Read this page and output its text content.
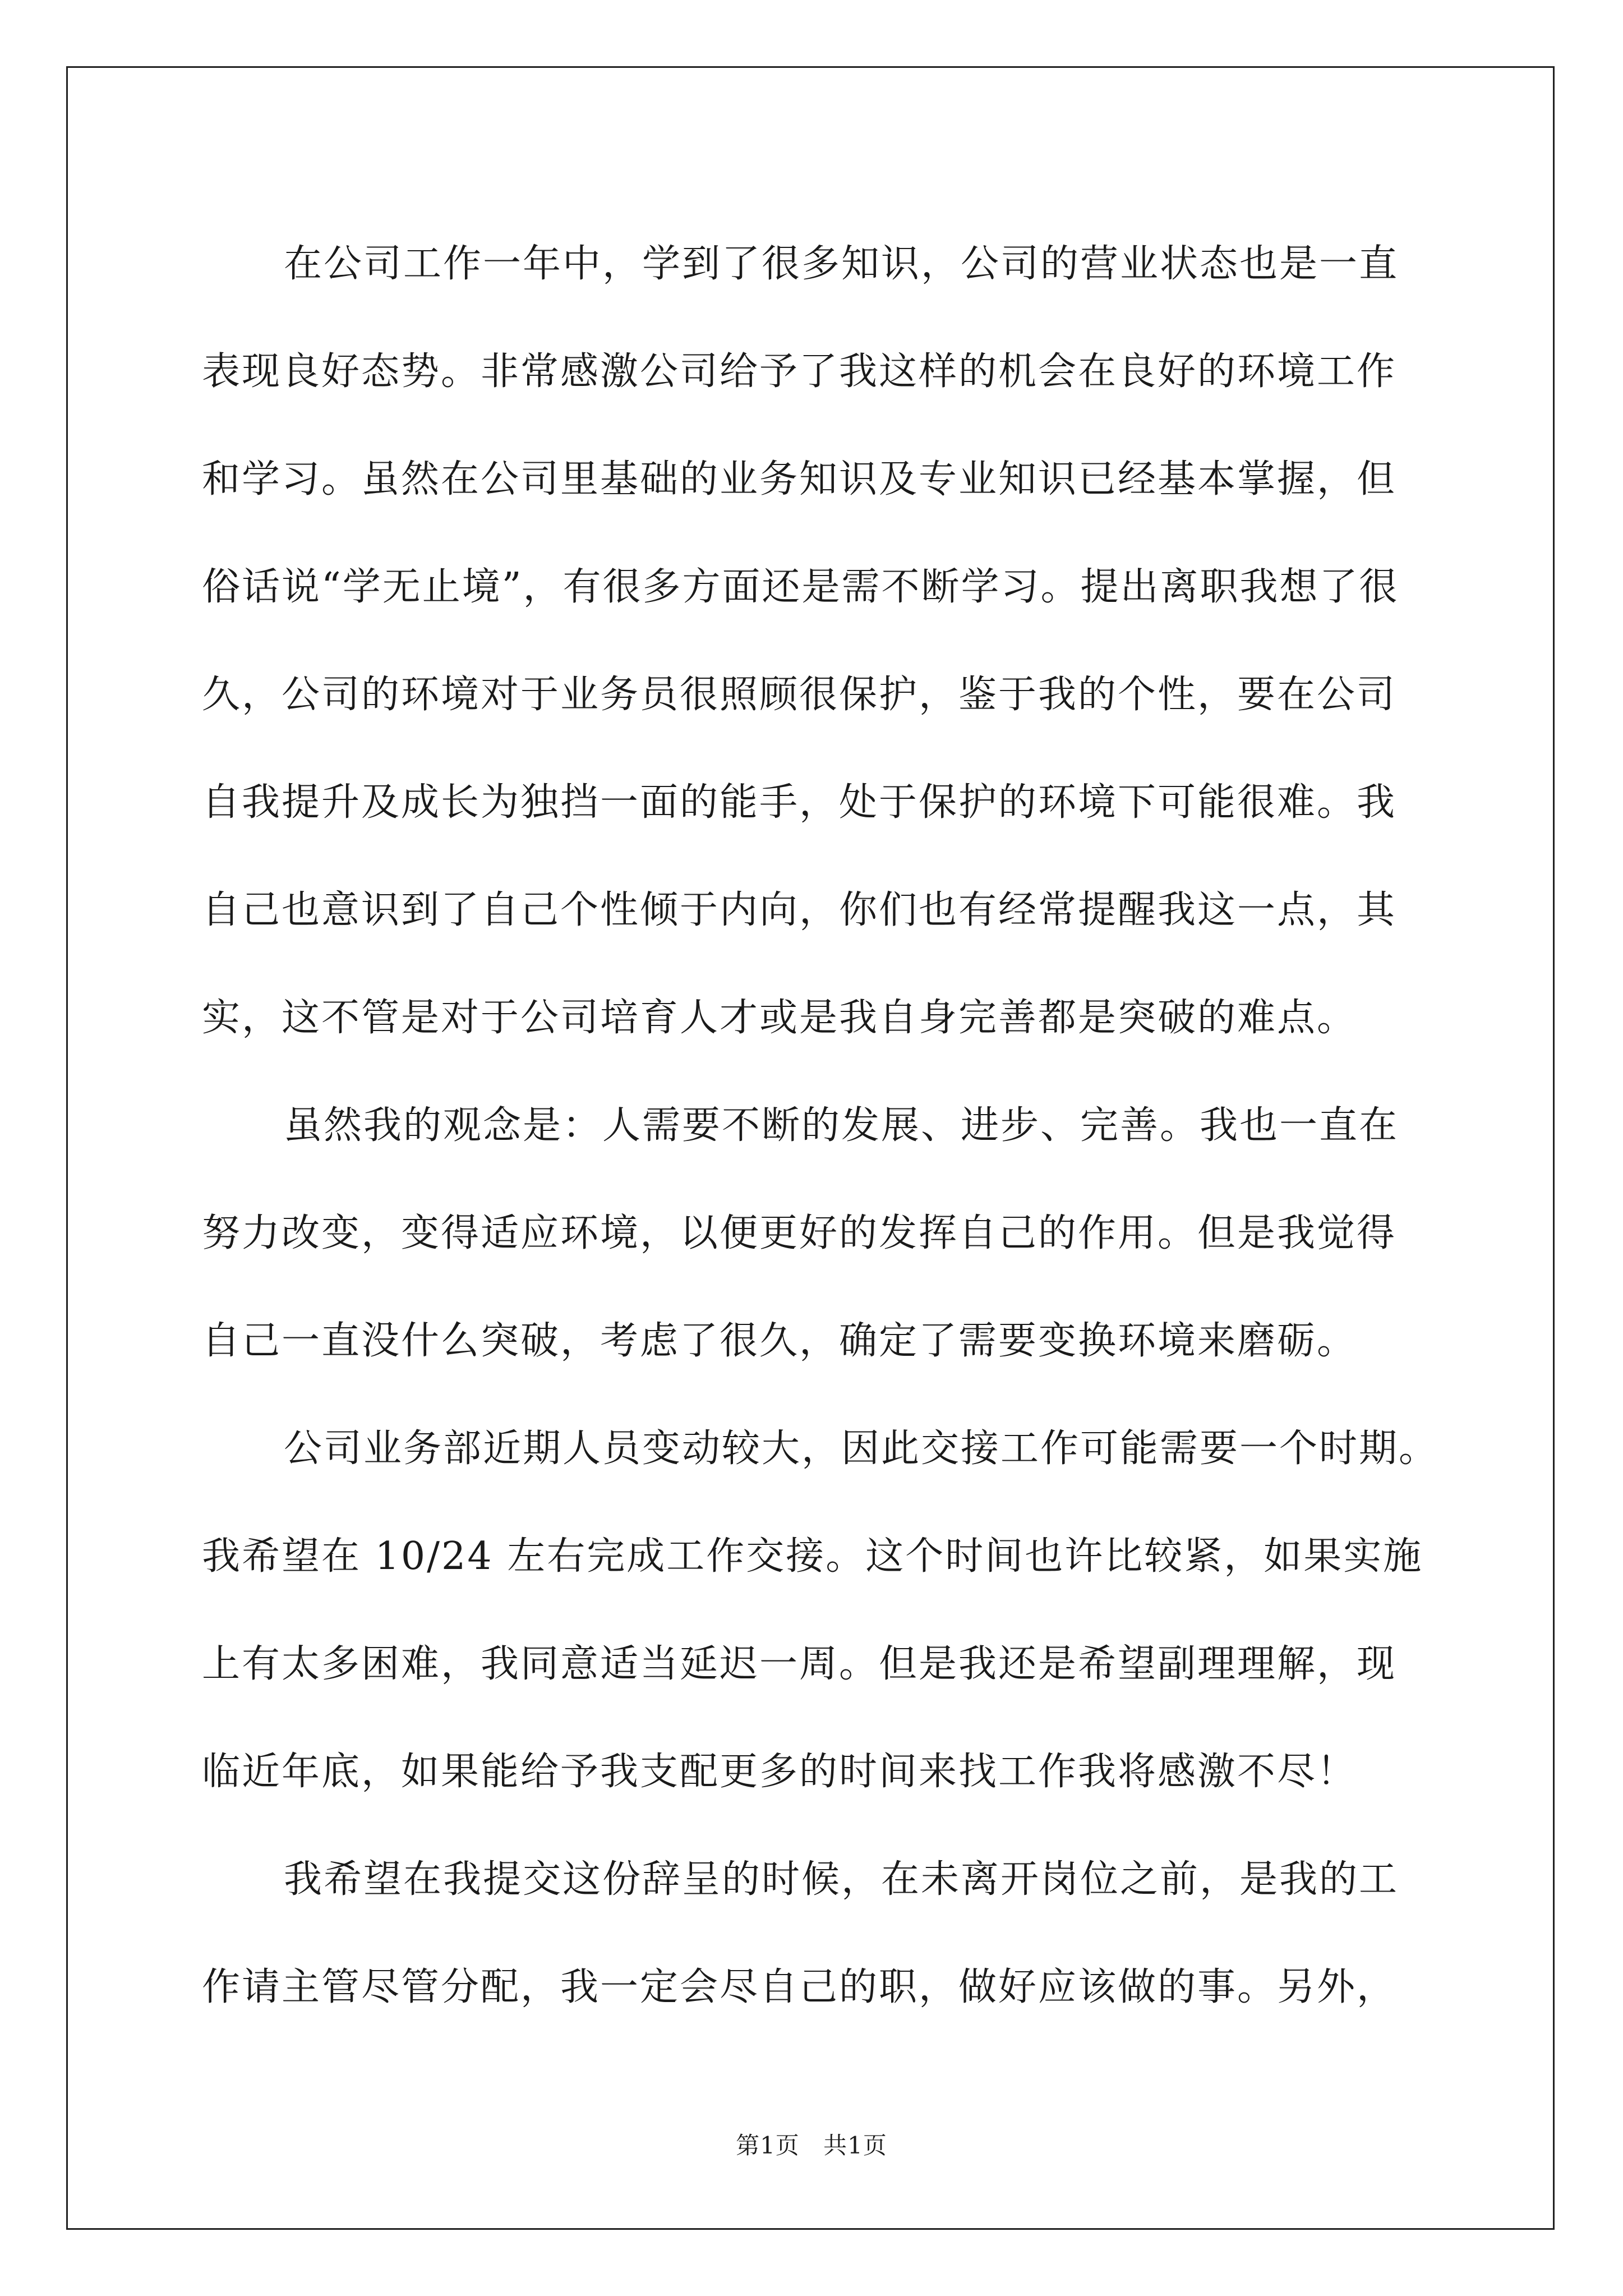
在公司工作一年中，学到了很多知识，公司的营业状态也是一直
表现良好态势。非常感激公司给予了我这样的机会在良好的环境工作
和学习。虽然在公司里基础的业务知识及专业知识已经基本掌握，但
俗话说“学无止境”，有很多方面还是需不断学习。提出离职我想了很
久，公司的环境对于业务员很照顾很保护，鉴于我的个性，要在公司
自我提升及成长为独挡一面的能手，处于保护的环境下可能很难。我
自己也意识到了自己个性倾于内向，你们也有经常提醒我这一点，其
实，这不管是对于公司培育人才或是我自身完善都是突破的难点。
虽然我的观念是：人需要不断的发展、进步、完善。我也一直在
努力改变，变得适应环境，以便更好的发挥自己的作用。但是我觉得
自己一直没什么突破，考虑了很久，确定了需要变换环境来磨砺。
公司业务部近期人员变动较大，因此交接工作可能需要一个时期。
我希望在 10/24 左右完成工作交接。这个时间也许比较紧，如果实施
上有太多困难，我同意适当延迟一周。但是我还是希望副理理解，现
临近年底，如果能给予我支配更多的时间来找工作我将感激不尽！
我希望在我提交这份辞呈的时候，在未离开岗位之前，是我的工
作请主管尽管分配，我一定会尽自己的职，做好应该做的事。另外，
第1页 共1页
